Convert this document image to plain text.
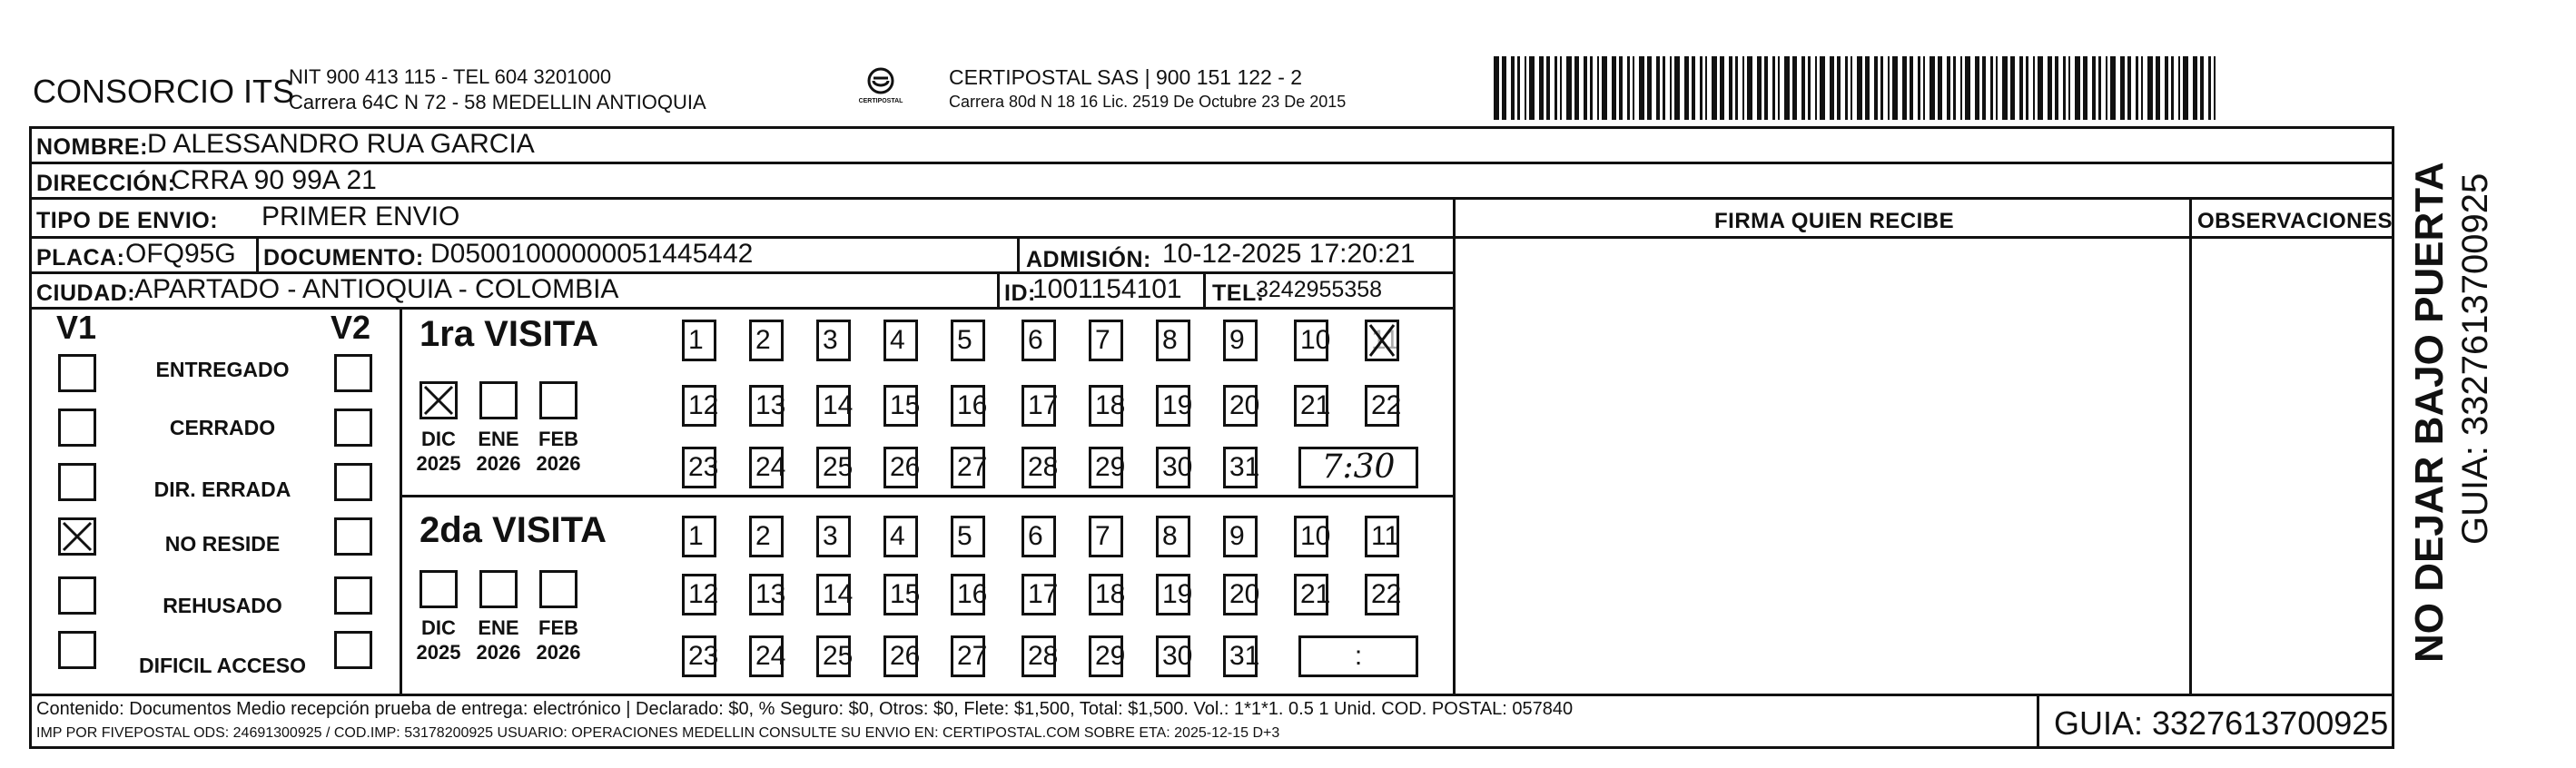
CONSORCIO ITS
NIT 900 413 115 - TEL 604 3201000
Carrera 64C N 72 - 58 MEDELLIN ANTIOQUIA	CERTIPOSTAL
CERTIPOSTAL SAS | 900 151 122 - 2
Carrera 80d N 18 16 Lic. 2519 De Octubre 23 De 2015
NOMBRE: D ALESSANDRO RUA GARCIA
DIRECCIÓN:
CRRA 90 99A 21
TIPO DE ENVIO: PRIMER ENVIO	FIRMA QUIEN RECIBE	OBSERVACIONES
PLACA: OFQ95G DOCUMENTO: D05001000000051445442	ADMISIÓN: 10-12-2025 17:20:21
CIUDAD:
APARTADO - ANTIOQUIA - COLOMBIA	ID:
1001154101 TEL:
3242955358
V1	V2
ENTREGADO
CERRADO
DIR. ERRADA
NO RESIDE
REHUSADO
DIFICIL ACCESO
1ra VISITA
2da VISITA
DIC
2025
ENE
2026
FEB
2026
DIC
2025
ENE
2026
FEB
2026
1	2	3	4	5	6	7	8	9	10 11
12 13 14 15 16 17 18 19 20 21 22
23 24 25 26 27 28 29 30 31	7:30
1	2	3	4	5	6	7	8	9	10 11
12 13 14 15 16 17 18 19 20 21 22
23 24 25 26 27 28 29 30 31	:
Contenido: Documentos Medio recepción prueba de entrega: electrónico | Declarado: $0, % Seguro: $0, Otros: $0, Flete: $1,500, Total: $1,500. Vol.: 1*1*1. 0.5 1 Unid. COD. POSTAL: 057840
IMP POR FIVEPOSTAL ODS: 24691300925 / COD.IMP: 53178200925 USUARIO: OPERACIONES MEDELLIN CONSULTE SU ENVIO EN: CERTIPOSTAL.COM SOBRE ETA: 2025-12-15 D+3	GUIA: 3327613700925
NO DEJAR BAJO PUERTA GUIA: 3327613700925
